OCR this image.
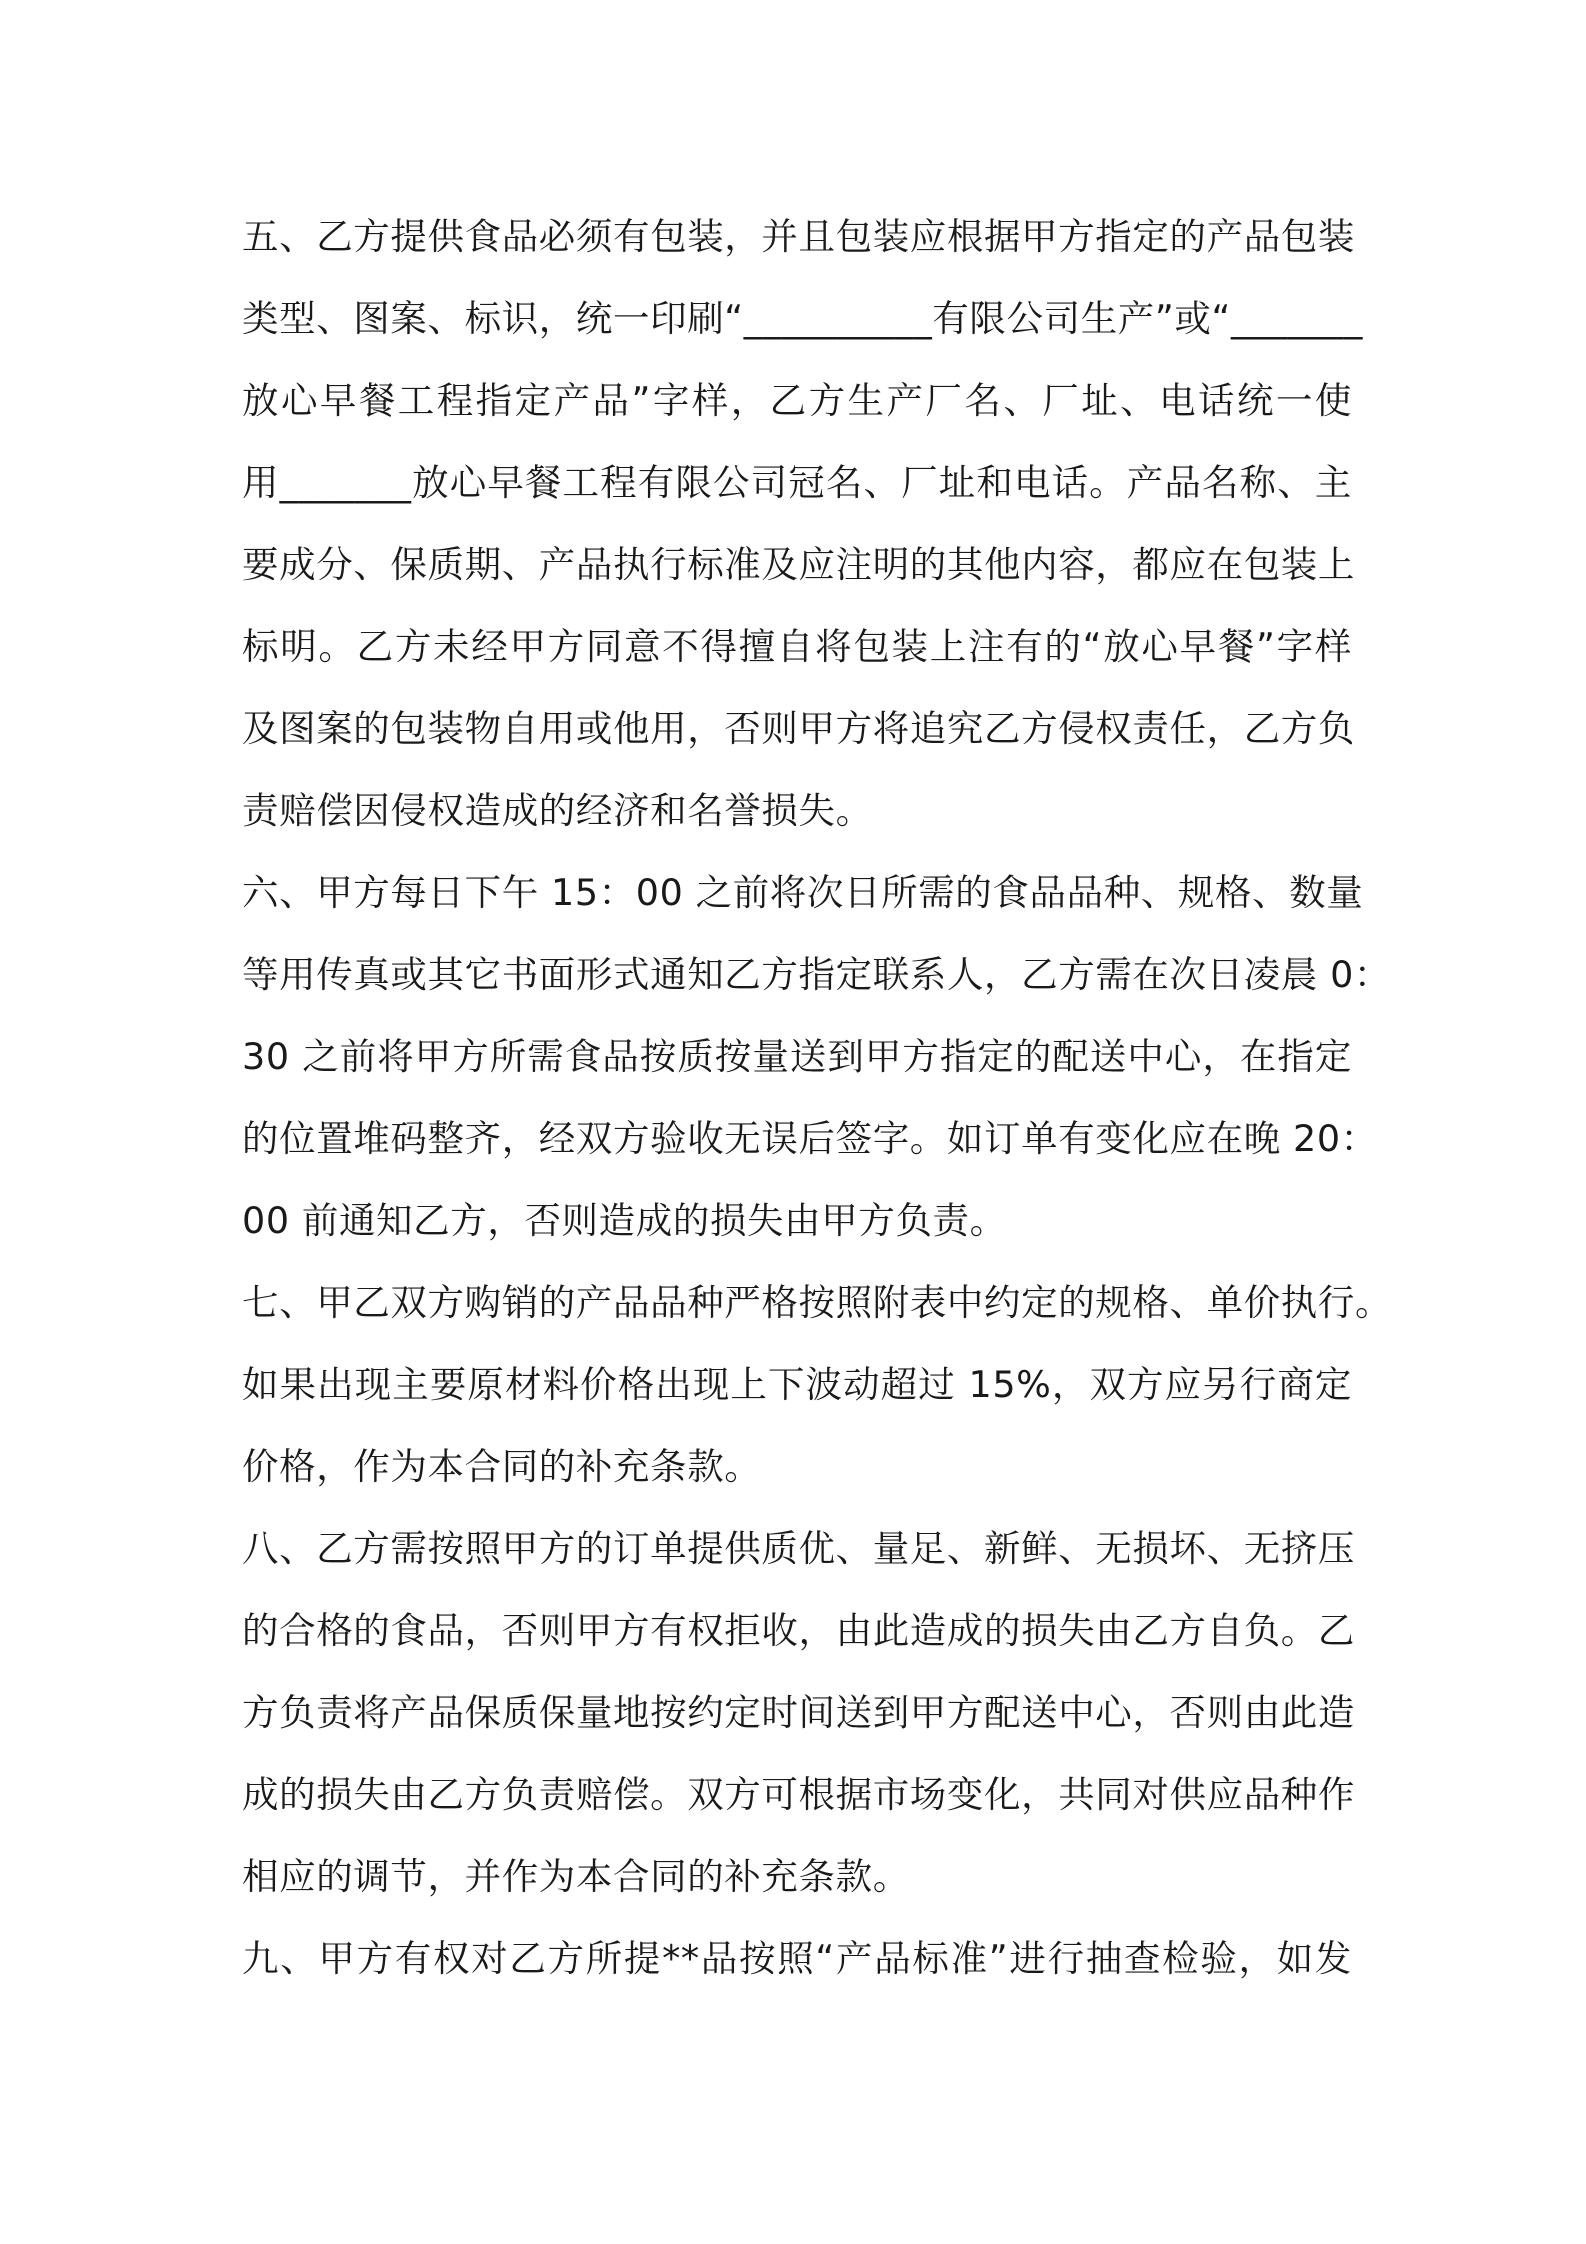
五、乙方提供食品必须有包装，并且包装应根据甲方指定的产品包装
类型、图案、标识，统一印刷“__________有限公司生产”或“_______
放心早餐工程指定产品”字样，乙方生产厂名、厂址、电话统一使
用_______放心早餐工程有限公司冠名、厂址和电话。产品名称、主
要成分、保质期、产品执行标准及应注明的其他内容，都应在包装上
标明。乙方未经甲方同意不得擅自将包装上注有的“放心早餐”字样
及图案的包装物自用或他用，否则甲方将追究乙方侵权责任，乙方负
责赔偿因侵权造成的经济和名誉损失。
六、甲方每日下午 15：00 之前将次日所需的食品品种、规格、数量
等用传真或其它书面形式通知乙方指定联系人，乙方需在次日凌晨 0：
30 之前将甲方所需食品按质按量送到甲方指定的配送中心，在指定
的位置堆码整齐，经双方验收无误后签字。如订单有变化应在晚 20：
00 前通知乙方，否则造成的损失由甲方负责。
七、甲乙双方购销的产品品种严格按照附表中约定的规格、单价执行。
如果出现主要原材料价格出现上下波动超过 15%，双方应另行商定
价格，作为本合同的补充条款。
八、乙方需按照甲方的订单提供质优、量足、新鲜、无损坏、无挤压
的合格的食品，否则甲方有权拒收，由此造成的损失由乙方自负。乙
方负责将产品保质保量地按约定时间送到甲方配送中心，否则由此造
成的损失由乙方负责赔偿。双方可根据市场变化，共同对供应品种作
相应的调节，并作为本合同的补充条款。
九、甲方有权对乙方所提**品按照“产品标准”进行抽查检验，如发
